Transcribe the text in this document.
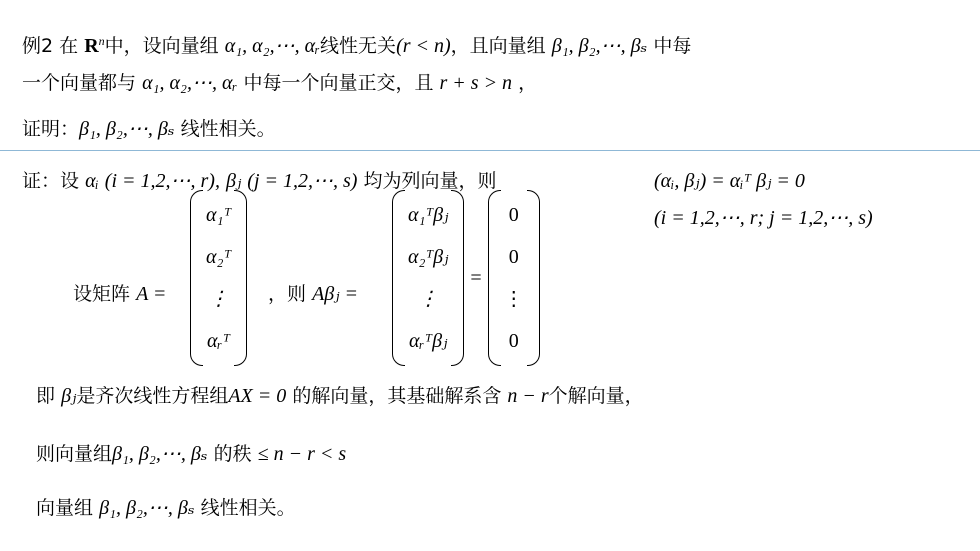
例2 在 $R^n$中，设向量组 α₁, α₂,⋯, αᵣ线性无关(r < n)，且向量组 β₁, β₂,⋯, βₛ 中每
一个向量都与 α₁, α₂,⋯, αᵣ 中每一个向量正交，且 r + s > n ，
证明：β₁, β₂,⋯, βₛ 线性相关。
证：设 αᵢ (i = 1,2,⋯, r), βⱼ (j = 1,2,⋯, s) 均为列向量，则	(αᵢ, βⱼ) = αᵢᵀ βⱼ = 0
(i = 1,2,⋯, r; j = 1,2,⋯, s)
设矩阵 A =
α₁ᵀ
α₂ᵀ
⋮
αᵣᵀ
，则 Aβⱼ =
α₁ᵀβⱼ
α₂ᵀβⱼ
⋮
αᵣᵀβⱼ
=
0
0
⋮
0
即 βⱼ是齐次线性方程组AX = 0 的解向量，其基础解系含 n − r个解向量，
则向量组β₁, β₂,⋯, βₛ 的秩 ≤ n − r < s
向量组 β₁, β₂,⋯, βₛ 线性相关。
